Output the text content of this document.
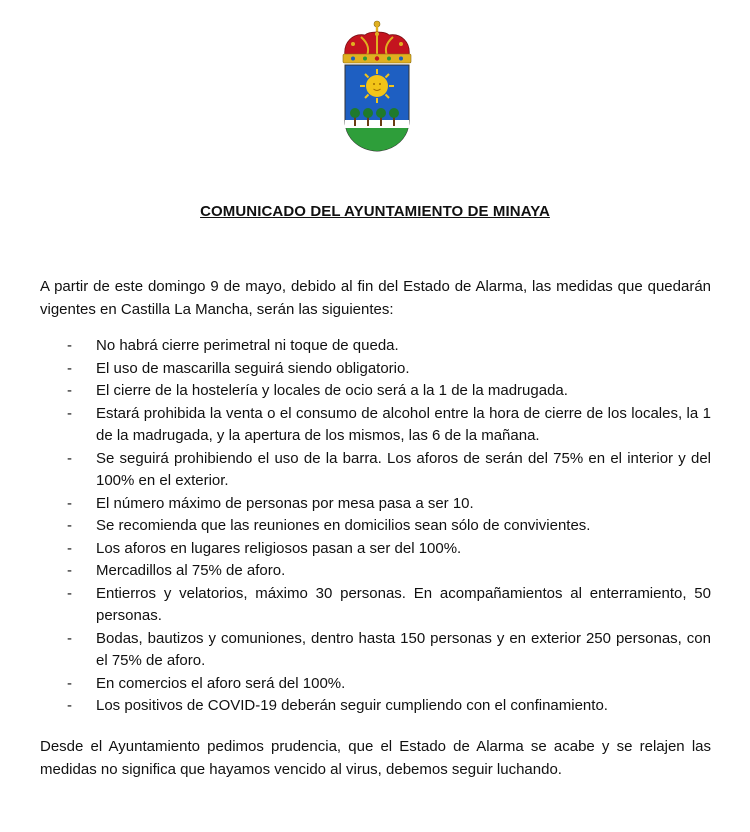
COMUNICADO DEL AYUNTAMIENTO DE MINAYA

A partir de este domingo 9 de mayo, debido al fin del Estado de Alarma, las medidas que quedarán vigentes en Castilla La Mancha, serán las siguientes:

- No habrá cierre perimetral ni toque de queda.
- El uso de mascarilla seguirá siendo obligatorio.
- El cierre de la hostelería y locales de ocio será a la 1 de la madrugada.
- Estará prohibida la venta o el consumo de alcohol entre la hora de cierre de los locales, la 1 de la madrugada, y la apertura de los mismos, las 6 de la mañana.
- Se seguirá prohibiendo el uso de la barra. Los aforos de serán del 75% en el interior y del 100% en el exterior.
- El número máximo de personas por mesa pasa a ser 10.
- Se recomienda que las reuniones en domicilios sean sólo de convivientes.
- Los aforos en lugares religiosos pasan a ser del 100%.
- Mercadillos al 75% de aforo.
- Entierros y velatorios, máximo 30 personas. En acompañamientos al enterramiento, 50 personas.
- Bodas, bautizos y comuniones, dentro hasta 150 personas y en exterior 250 personas, con el 75% de aforo.
- En comercios el aforo será del 100%.
- Los positivos de COVID-19 deberán seguir cumpliendo con el confinamiento.

Desde el Ayuntamiento pedimos prudencia, que el Estado de Alarma se acabe y se relajen las medidas no significa que hayamos vencido al virus, debemos seguir luchando.
